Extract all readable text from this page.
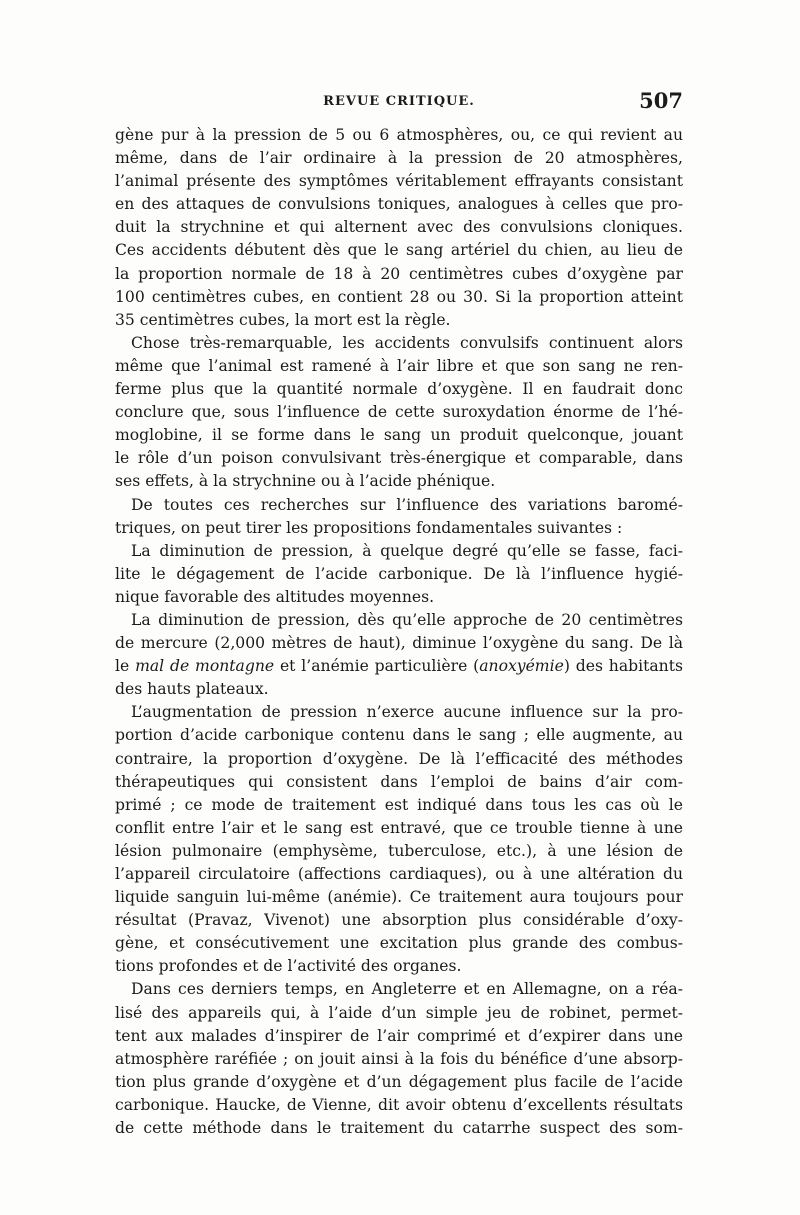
REVUE CRITIQUE.	507
gène pur à la pression de 5 ou 6 atmosphères, ou, ce qui revient au
même, dans de l’air ordinaire à la pression de 20 atmosphères,
l’animal présente des symptômes véritablement effrayants consistant
en des attaques de convulsions toniques, analogues à celles que pro-
duit la strychnine et qui alternent avec des convulsions cloniques.
Ces accidents débutent dès que le sang artériel du chien, au lieu de
la proportion normale de 18 à 20 centimètres cubes d’oxygène par
100 centimètres cubes, en contient 28 ou 30. Si la proportion atteint
35 centimètres cubes, la mort est la règle.
Chose très-remarquable, les accidents convulsifs continuent alors
même que l’animal est ramené à l’air libre et que son sang ne ren-
ferme plus que la quantité normale d’oxygène. Il en faudrait donc
conclure que, sous l’influence de cette suroxydation énorme de l’hé-
moglobine, il se forme dans le sang un produit quelconque, jouant
le rôle d’un poison convulsivant très-énergique et comparable, dans
ses effets, à la strychnine ou à l’acide phénique.
De toutes ces recherches sur l’influence des variations baromé-
triques, on peut tirer les propositions fondamentales suivantes :
La diminution de pression, à quelque degré qu’elle se fasse, faci-
lite le dégagement de l’acide carbonique. De là l’influence hygié-
nique favorable des altitudes moyennes.
La diminution de pression, dès qu’elle approche de 20 centimètres
de mercure (2,000 mètres de haut), diminue l’oxygène du sang. De là
le mal de montagne et l’anémie particulière (anoxyémie) des habitants
des hauts plateaux.
L’augmentation de pression n’exerce aucune influence sur la pro-
portion d’acide carbonique contenu dans le sang ; elle augmente, au
contraire, la proportion d’oxygène. De là l’efficacité des méthodes
thérapeutiques qui consistent dans l’emploi de bains d’air com-
primé ; ce mode de traitement est indiqué dans tous les cas où le
conflit entre l’air et le sang est entravé, que ce trouble tienne à une
lésion pulmonaire (emphysème, tuberculose, etc.), à une lésion de
l’appareil circulatoire (affections cardiaques), ou à une altération du
liquide sanguin lui-même (anémie). Ce traitement aura toujours pour
résultat (Pravaz, Vivenot) une absorption plus considérable d’oxy-
gène, et consécutivement une excitation plus grande des combus-
tions profondes et de l’activité des organes.
Dans ces derniers temps, en Angleterre et en Allemagne, on a réa-
lisé des appareils qui, à l’aide d’un simple jeu de robinet, permet-
tent aux malades d’inspirer de l’air comprimé et d’expirer dans une
atmosphère raréfiée ; on jouit ainsi à la fois du bénéfice d’une absorp-
tion plus grande d’oxygène et d’un dégagement plus facile de l’acide
carbonique. Haucke, de Vienne, dit avoir obtenu d’excellents résultats
de cette méthode dans le traitement du catarrhe suspect des som-
